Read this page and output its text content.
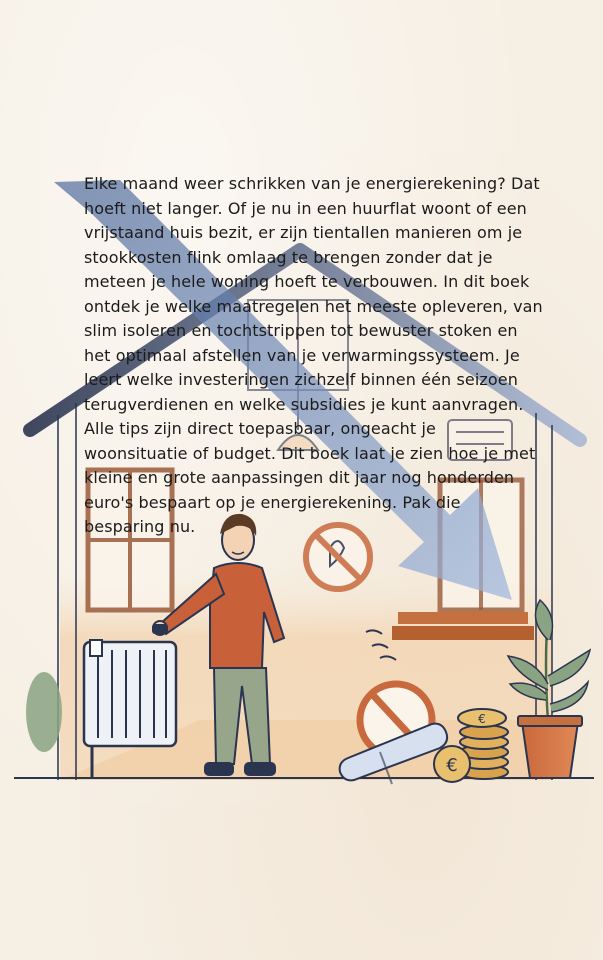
€
€

Elke maand weer schrikken van je energierekening? Dat hoeft niet langer. Of je nu in een huurflat woont of een vrijstaand huis bezit, er zijn tientallen manieren om je stookkosten flink omlaag te brengen zonder dat je meteen je hele woning hoeft te verbouwen. In dit boek ontdek je welke maatregelen het meeste opleveren, van slim isoleren en tochtstrippen tot bewuster stoken en het optimaal afstellen van je verwarmingssysteem. Je leert welke investeringen zichzelf binnen één seizoen terugverdienen en welke subsidies je kunt aanvragen. Alle tips zijn direct toepasbaar, ongeacht je woonsituatie of budget. Dit boek laat je zien hoe je met kleine en grote aanpassingen dit jaar nog honderden euro's bespaart op je energierekening. Pak die besparing nu.
